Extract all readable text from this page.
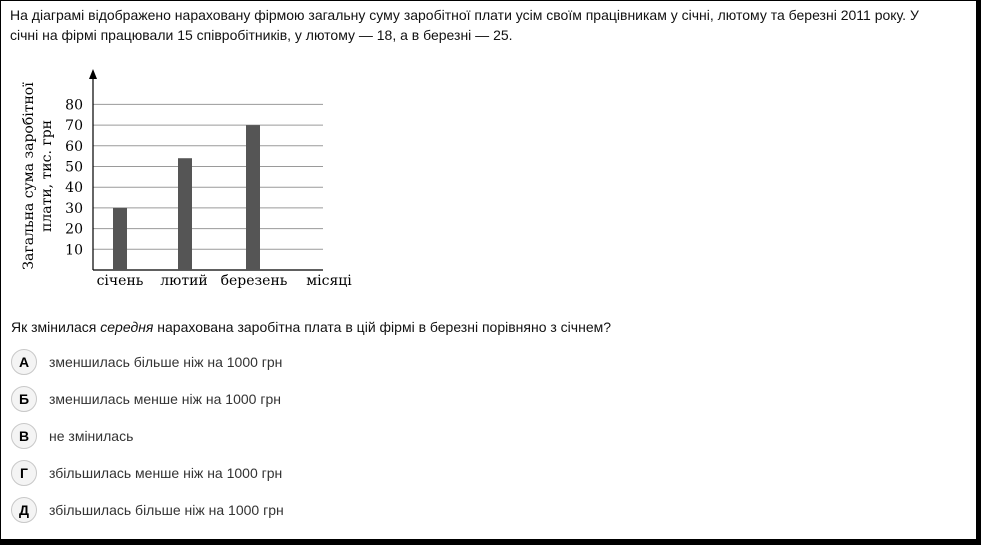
На діаграмі відображено нараховану фірмою загальну суму заробітної плати усім своїм працівникам у січні, лютому та березні 2011 року. У
січні на фірмі працювали 15 співробітників, у лютому — 18, а в березні — 25.
10
20
30
40
50
60
70
80
січень лютий березень місяці
Загальна сума заробітної плати, тис. грн
Як змінилася середня нарахована заробітна плата в цій фірмі в березні порівняно з січнем?
А	зменшилась більше ніж на 1000 грн
Б	зменшилась менше ніж на 1000 грн
В	не змінилась
Г	збільшилась менше ніж на 1000 грн
Д	збільшилась більше ніж на 1000 грн
